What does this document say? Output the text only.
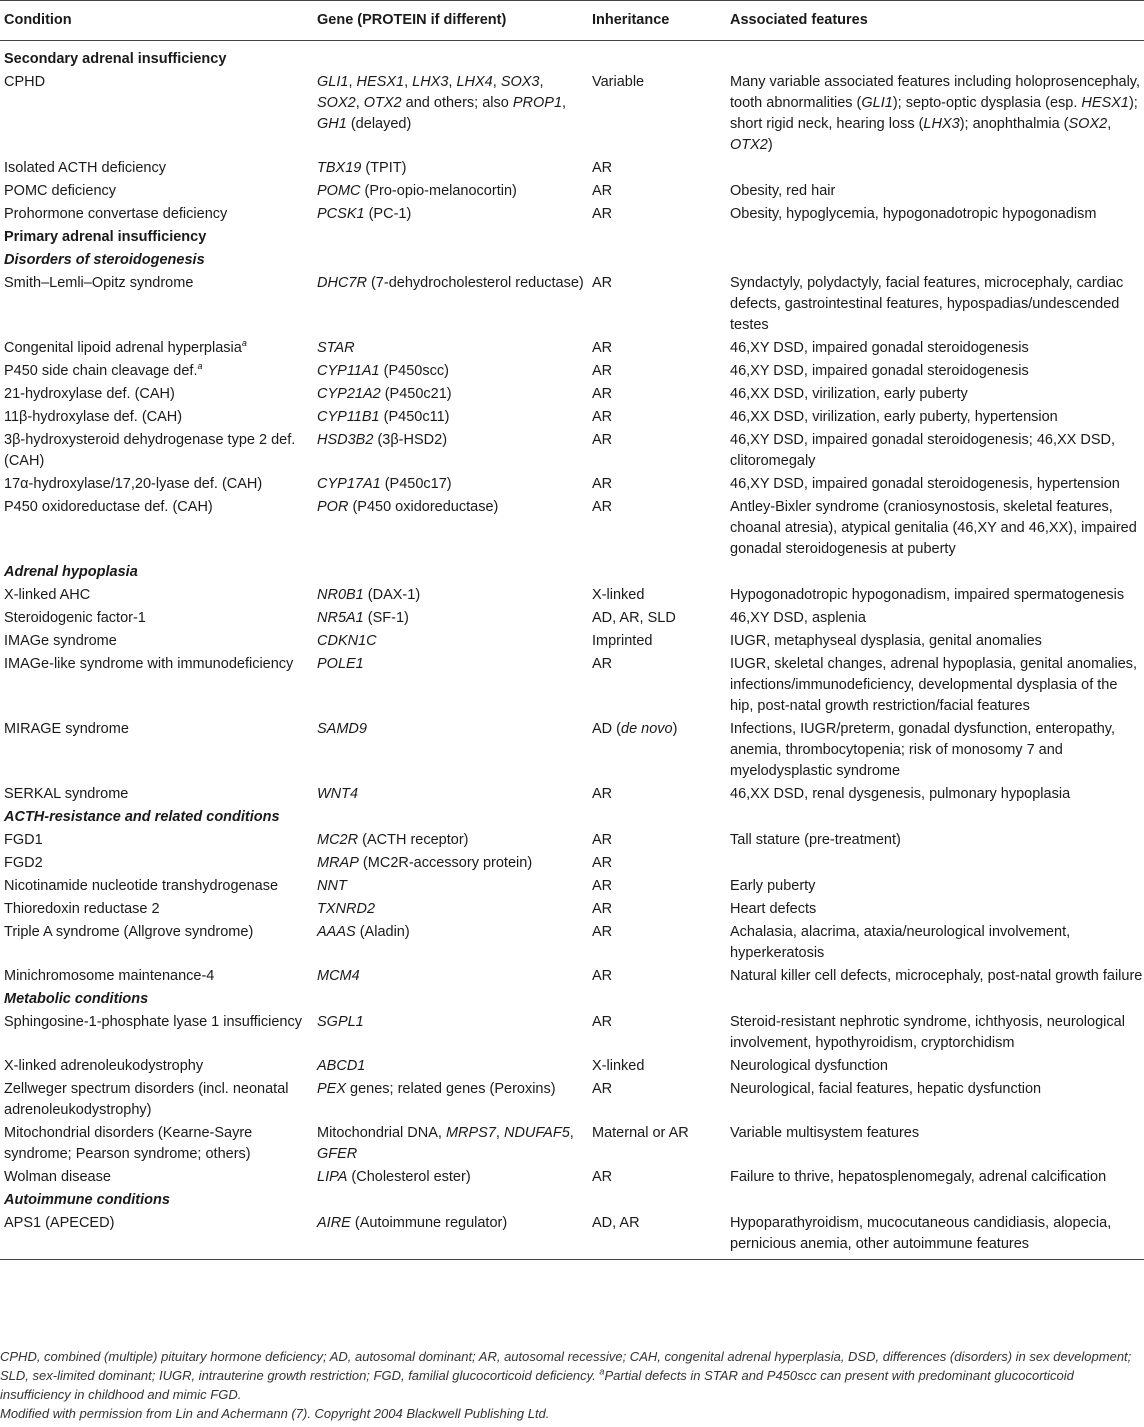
Condition	Gene (PROTEIN if different)	Inheritance	Associated features
Secondary adrenal insufficiency			
CPHD	GLI1, HESX1, LHX3, LHX4, SOX3, SOX2, OTX2 and others; also PROP1, GH1 (delayed)	Variable	Many variable associated features including holoprosencephaly, tooth abnormalities (GLI1); septo-optic dysplasia (esp. HESX1); short rigid neck, hearing loss (LHX3); anophthalmia (SOX2, OTX2)
Isolated ACTH deficiency	TBX19 (TPIT)	AR	
POMC deficiency	POMC (Pro-opio-melanocortin)	AR	Obesity, red hair
Prohormone convertase deficiency	PCSK1 (PC-1)	AR	Obesity, hypoglycemia, hypogonadotropic hypogonadism
Primary adrenal insufficiency			
Disorders of steroidogenesis			
Smith–Lemli–Opitz syndrome	DHC7R (7-dehydrocholesterol reductase)	AR	Syndactyly, polydactyly, facial features, microcephaly, cardiac defects, gastrointestinal features, hypospadias/undescended testes
Congenital lipoid adrenal hyperplasia$^a$	STAR	AR	46,XY DSD, impaired gonadal steroidogenesis
P450 side chain cleavage def.$^a$	CYP11A1 (P450scc)	AR	46,XY DSD, impaired gonadal steroidogenesis
21-hydroxylase def. (CAH)	CYP21A2 (P450c21)	AR	46,XX DSD, virilization, early puberty
11β-hydroxylase def. (CAH)	CYP11B1 (P450c11)	AR	46,XX DSD, virilization, early puberty, hypertension
3β-hydroxysteroid dehydrogenase type 2 def. (CAH)	HSD3B2 (3β-HSD2)	AR	46,XY DSD, impaired gonadal steroidogenesis; 46,XX DSD, clitoromegaly
17α-hydroxylase/17,20-lyase def. (CAH)	CYP17A1 (P450c17)	AR	46,XY DSD, impaired gonadal steroidogenesis, hypertension
P450 oxidoreductase def. (CAH)	POR (P450 oxidoreductase)	AR	Antley-Bixler syndrome (craniosynostosis, skeletal features, choanal atresia), atypical genitalia (46,XY and 46,XX), impaired gonadal steroidogenesis at puberty
Adrenal hypoplasia			
X-linked AHC	NR0B1 (DAX-1)	X-linked	Hypogonadotropic hypogonadism, impaired spermatogenesis
Steroidogenic factor-1	NR5A1 (SF-1)	AD, AR, SLD	46,XY DSD, asplenia
IMAGe syndrome	CDKN1C	Imprinted	IUGR, metaphyseal dysplasia, genital anomalies
IMAGe-like syndrome with immunodeficiency	POLE1	AR	IUGR, skeletal changes, adrenal hypoplasia, genital anomalies, infections/immunodeficiency, developmental dysplasia of the hip, post-natal growth restriction/facial features
MIRAGE syndrome	SAMD9	AD (de novo)	Infections, IUGR/preterm, gonadal dysfunction, enteropathy, anemia, thrombocytopenia; risk of monosomy 7 and myelodysplastic syndrome
SERKAL syndrome	WNT4	AR	46,XX DSD, renal dysgenesis, pulmonary hypoplasia
ACTH-resistance and related conditions			
FGD1	MC2R (ACTH receptor)	AR	Tall stature (pre-treatment)
FGD2	MRAP (MC2R-accessory protein)	AR	
Nicotinamide nucleotide transhydrogenase	NNT	AR	Early puberty
Thioredoxin reductase 2	TXNRD2	AR	Heart defects
Triple A syndrome (Allgrove syndrome)	AAAS (Aladin)	AR	Achalasia, alacrima, ataxia/neurological involvement, hyperkeratosis
Minichromosome maintenance-4	MCM4	AR	Natural killer cell defects, microcephaly, post-natal growth failure
Metabolic conditions			
Sphingosine-1-phosphate lyase 1 insufficiency	SGPL1	AR	Steroid-resistant nephrotic syndrome, ichthyosis, neurological involvement, hypothyroidism, cryptorchidism
X-linked adrenoleukodystrophy	ABCD1	X-linked	Neurological dysfunction
Zellweger spectrum disorders (incl. neonatal adrenoleukodystrophy)	PEX genes; related genes (Peroxins)	AR	Neurological, facial features, hepatic dysfunction
Mitochondrial disorders (Kearne-Sayre syndrome; Pearson syndrome; others)	Mitochondrial DNA, MRPS7, NDUFAF5, GFER	Maternal or AR	Variable multisystem features
Wolman disease	LIPA (Cholesterol ester)	AR	Failure to thrive, hepatosplenomegaly, adrenal calcification
Autoimmune conditions			
APS1 (APECED)	AIRE (Autoimmune regulator)	AD, AR	Hypoparathyroidism, mucocutaneous candidiasis, alopecia, pernicious anemia, other autoimmune features

CPHD, combined (multiple) pituitary hormone deficiency; AD, autosomal dominant; AR, autosomal recessive; CAH, congenital adrenal hyperplasia, DSD, differences (disorders) in sex development; SLD, sex-limited dominant; IUGR, intrauterine growth restriction; FGD, familial glucocorticoid deficiency. $^a$Partial defects in STAR and P450scc can present with predominant glucocorticoid insufficiency in childhood and mimic FGD.

Modified with permission from Lin and Achermann (7). Copyright 2004 Blackwell Publishing Ltd.
